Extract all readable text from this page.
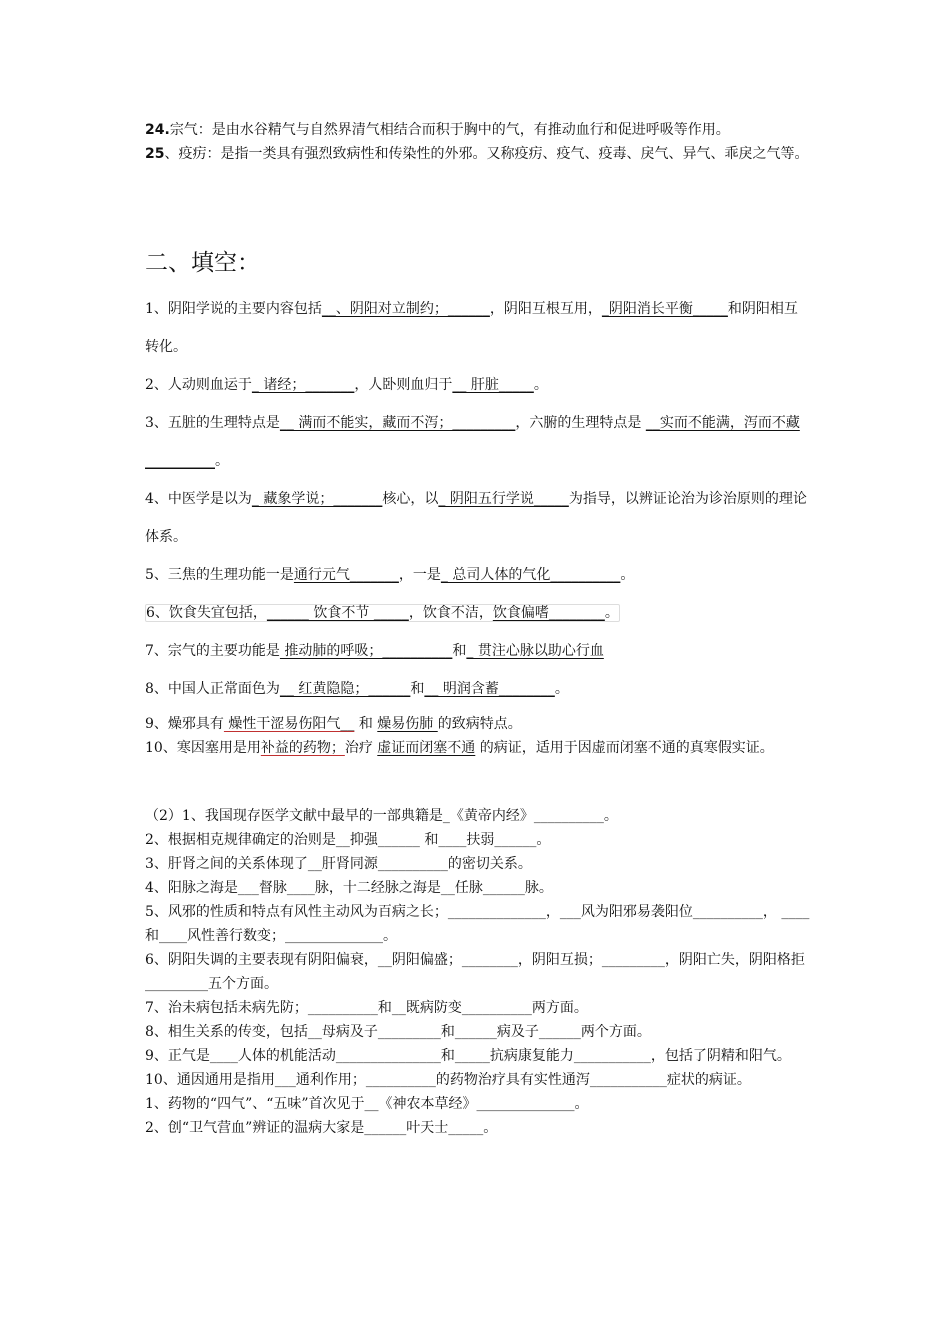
24.宗气：是由水谷精气与自然界清气相结合而积于胸中的气，有推动血行和促进呼吸等作用。

25、疫疠：是指一类具有强烈致病性和传染性的外邪。又称疫疠、疫气、疫毒、戾气、异气、乖戾之气等。

二、填空：

1、阴阳学说的主要内容包括__、阴阳对立制约；______，阴阳互根互用，_阴阳消长平衡_____和阴阳相互转化。

2、人动则血运于_ 诸经；_______，人卧则血归于__ 肝脏_____。

3、五脏的生理特点是__ 满而不能实，藏而不泻；_________，六腑的生理特点是 __实而不能满，泻而不藏__________。

4、中医学是以为_ 藏象学说；_______核心，以_ 阴阳五行学说_____为指导，以辨证论治为诊治原则的理论体系。

5、三焦的生理功能一是通行元气_______，一是_ 总司人体的气化__________。

6、饮食失宜包括，______ 饮食不节 _____，饮食不洁，饮食偏嗜________。

7、宗气的主要功能是 推动肺的呼吸；__________和_ 贯注心脉以助心行血

8、中国人正常面色为__ 红黄隐隐；______和__ 明润含蓄________。

9、燥邪具有 燥性干涩易伤阳气__ 和 燥易伤肺 的致病特点。

10、寒因塞用是用补益的药物；治疗 虚证而闭塞不通 的病证，适用于因虚而闭塞不通的真寒假实证。

（2）1、我国现存医学文献中最早的一部典籍是_《黄帝内经》__________。

2、根据相克规律确定的治则是__抑强______ 和____扶弱______。

3、肝肾之间的关系体现了__肝肾同源__________的密切关系。

4、阳脉之海是___督脉____脉，十二经脉之海是__任脉______脉。

5、风邪的性质和特点有风性主动风为百病之长；______________，___风为阳邪易袭阳位__________， ____和____风性善行数变；______________。

6、阴阳失调的主要表现有阴阳偏衰，__阴阳偏盛；________，阴阳互损；_________，阴阳亡失，阴阳格拒_________五个方面。

7、治未病包括未病先防；__________和__既病防变__________两方面。

8、相生关系的传变，包括__母病及子_________和______病及子______两个方面。

9、正气是____人体的机能活动_______________和_____抗病康复能力___________，包括了阴精和阳气。

10、通因通用是指用___通利作用；__________的药物治疗具有实性通泻___________症状的病证。

1、药物的“四气”、“五味”首次见于__《神农本草经》______________。

2、创“卫气营血”辨证的温病大家是______叶天士_____。
